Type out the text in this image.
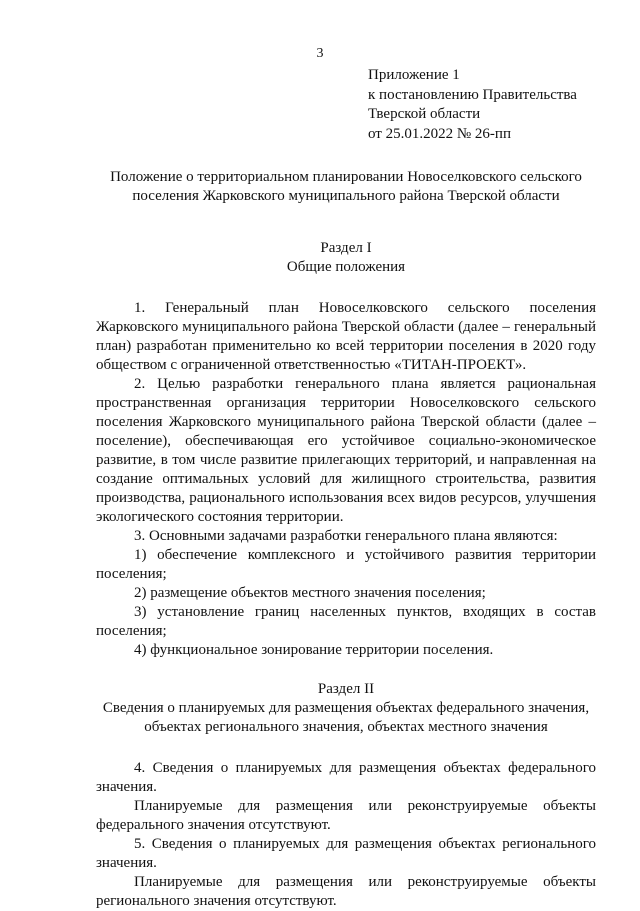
3
Приложение 1
к постановлению Правительства
Тверской области
от 25.01.2022 № 26-пп
Положение о территориальном планировании Новоселковского сельского
поселения Жарковского муниципального района Тверской области
Раздел I
Общие положения

1. Генеральный план Новоселковского сельского поселения Жарковского муниципального района Тверской области (далее – генеральный план) разработан применительно ко всей территории поселения в 2020 году обществом с ограниченной ответственностью «ТИТАН-ПРОЕКТ».

2. Целью разработки генерального плана является рациональная пространственная организация территории Новоселковского сельского поселения Жарковского муниципального района Тверской области (далее – поселение), обеспечивающая его устойчивое социально-экономическое развитие, в том числе развитие прилегающих территорий, и направленная на создание оптимальных условий для жилищного строительства, развития производства, рационального использования всех видов ресурсов, улучшения экологического состояния территории.

3. Основными задачами разработки генерального плана являются:

1) обеспечение комплексного и устойчивого развития территории поселения;

2) размещение объектов местного значения поселения;

3) установление границ населенных пунктов, входящих в состав поселения;

4) функциональное зонирование территории поселения.

Раздел II
Сведения о планируемых для размещения объектах федерального значения,
объектах регионального значения, объектах местного значения

4. Сведения о планируемых для размещения объектах федерального значения.

Планируемые для размещения или реконструируемые объекты федерального значения отсутствуют.

5. Сведения о планируемых для размещения объектах регионального значения.

Планируемые для размещения или реконструируемые объекты регионального значения отсутствуют.
